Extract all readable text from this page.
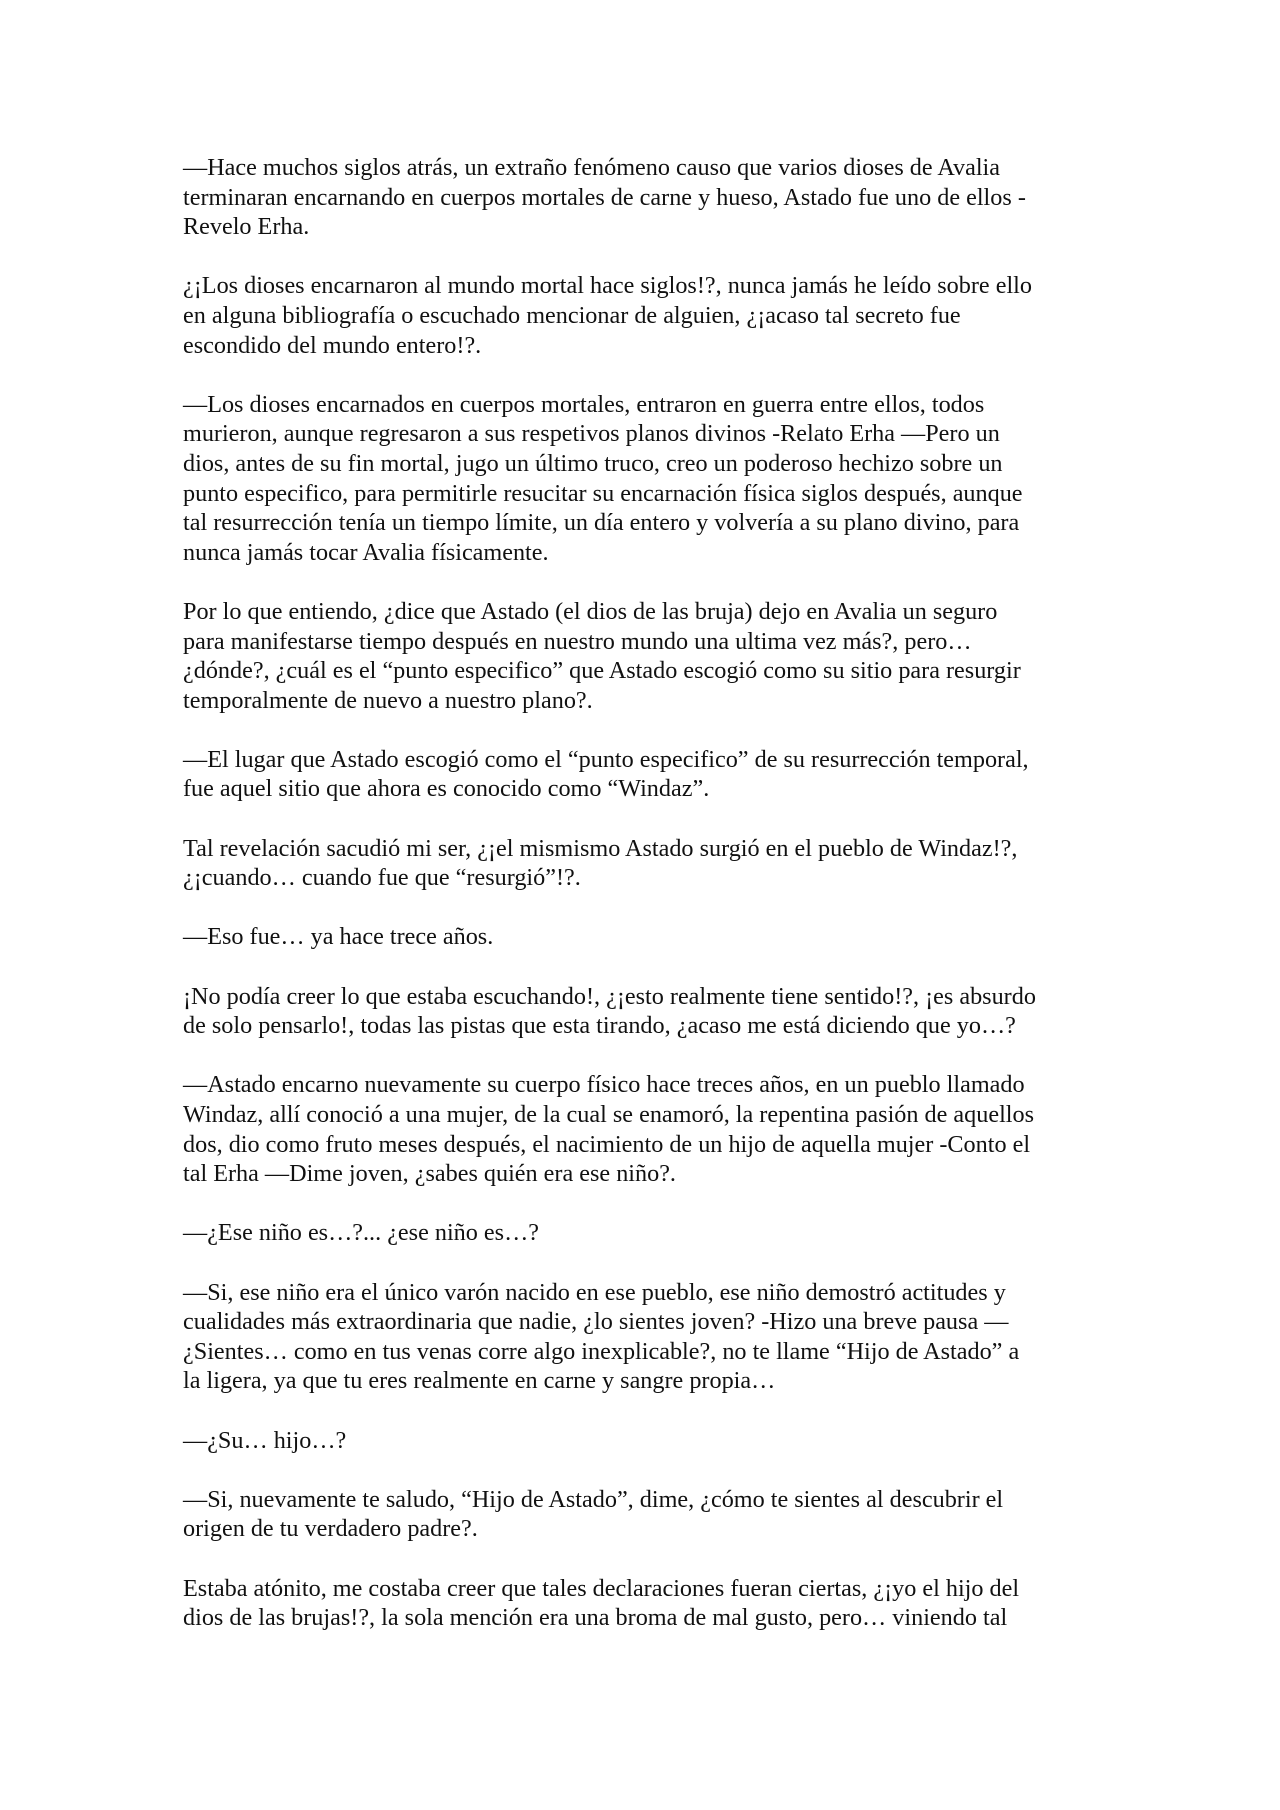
—Hace muchos siglos atrás, un extraño fenómeno causo que varios dioses de Avalia
terminaran encarnando en cuerpos mortales de carne y hueso, Astado fue uno de ellos -
Revelo Erha.

¿¡Los dioses encarnaron al mundo mortal hace siglos!?, nunca jamás he leído sobre ello
en alguna bibliografía o escuchado mencionar de alguien, ¿¡acaso tal secreto fue
escondido del mundo entero!?.

—Los dioses encarnados en cuerpos mortales, entraron en guerra entre ellos, todos
murieron, aunque regresaron a sus respetivos planos divinos -Relato Erha —Pero un
dios, antes de su fin mortal, jugo un último truco, creo un poderoso hechizo sobre un
punto especifico, para permitirle resucitar su encarnación física siglos después, aunque
tal resurrección tenía un tiempo límite, un día entero y volvería a su plano divino, para
nunca jamás tocar Avalia físicamente.

Por lo que entiendo, ¿dice que Astado (el dios de las bruja) dejo en Avalia un seguro
para manifestarse tiempo después en nuestro mundo una ultima vez más?, pero…
¿dónde?, ¿cuál es el “punto especifico” que Astado escogió como su sitio para resurgir
temporalmente de nuevo a nuestro plano?.

—El lugar que Astado escogió como el “punto especifico” de su resurrección temporal,
fue aquel sitio que ahora es conocido como “Windaz”.

Tal revelación sacudió mi ser, ¿¡el mismismo Astado surgió en el pueblo de Windaz!?,
¿¡cuando… cuando fue que “resurgió”!?.

—Eso fue… ya hace trece años.

¡No podía creer lo que estaba escuchando!, ¿¡esto realmente tiene sentido!?, ¡es absurdo
de solo pensarlo!, todas las pistas que esta tirando, ¿acaso me está diciendo que yo…?

—Astado encarno nuevamente su cuerpo físico hace treces años, en un pueblo llamado
Windaz, allí conoció a una mujer, de la cual se enamoró, la repentina pasión de aquellos
dos, dio como fruto meses después, el nacimiento de un hijo de aquella mujer -Conto el
tal Erha —Dime joven, ¿sabes quién era ese niño?.

—¿Ese niño es…?... ¿ese niño es…?

—Si, ese niño era el único varón nacido en ese pueblo, ese niño demostró actitudes y
cualidades más extraordinaria que nadie, ¿lo sientes joven? -Hizo una breve pausa —
¿Sientes… como en tus venas corre algo inexplicable?, no te llame “Hijo de Astado” a
la ligera, ya que tu eres realmente en carne y sangre propia…

—¿Su… hijo…?

—Si, nuevamente te saludo, “Hijo de Astado”, dime, ¿cómo te sientes al descubrir el
origen de tu verdadero padre?.

Estaba atónito, me costaba creer que tales declaraciones fueran ciertas, ¿¡yo el hijo del
dios de las brujas!?, la sola mención era una broma de mal gusto, pero… viniendo tal
